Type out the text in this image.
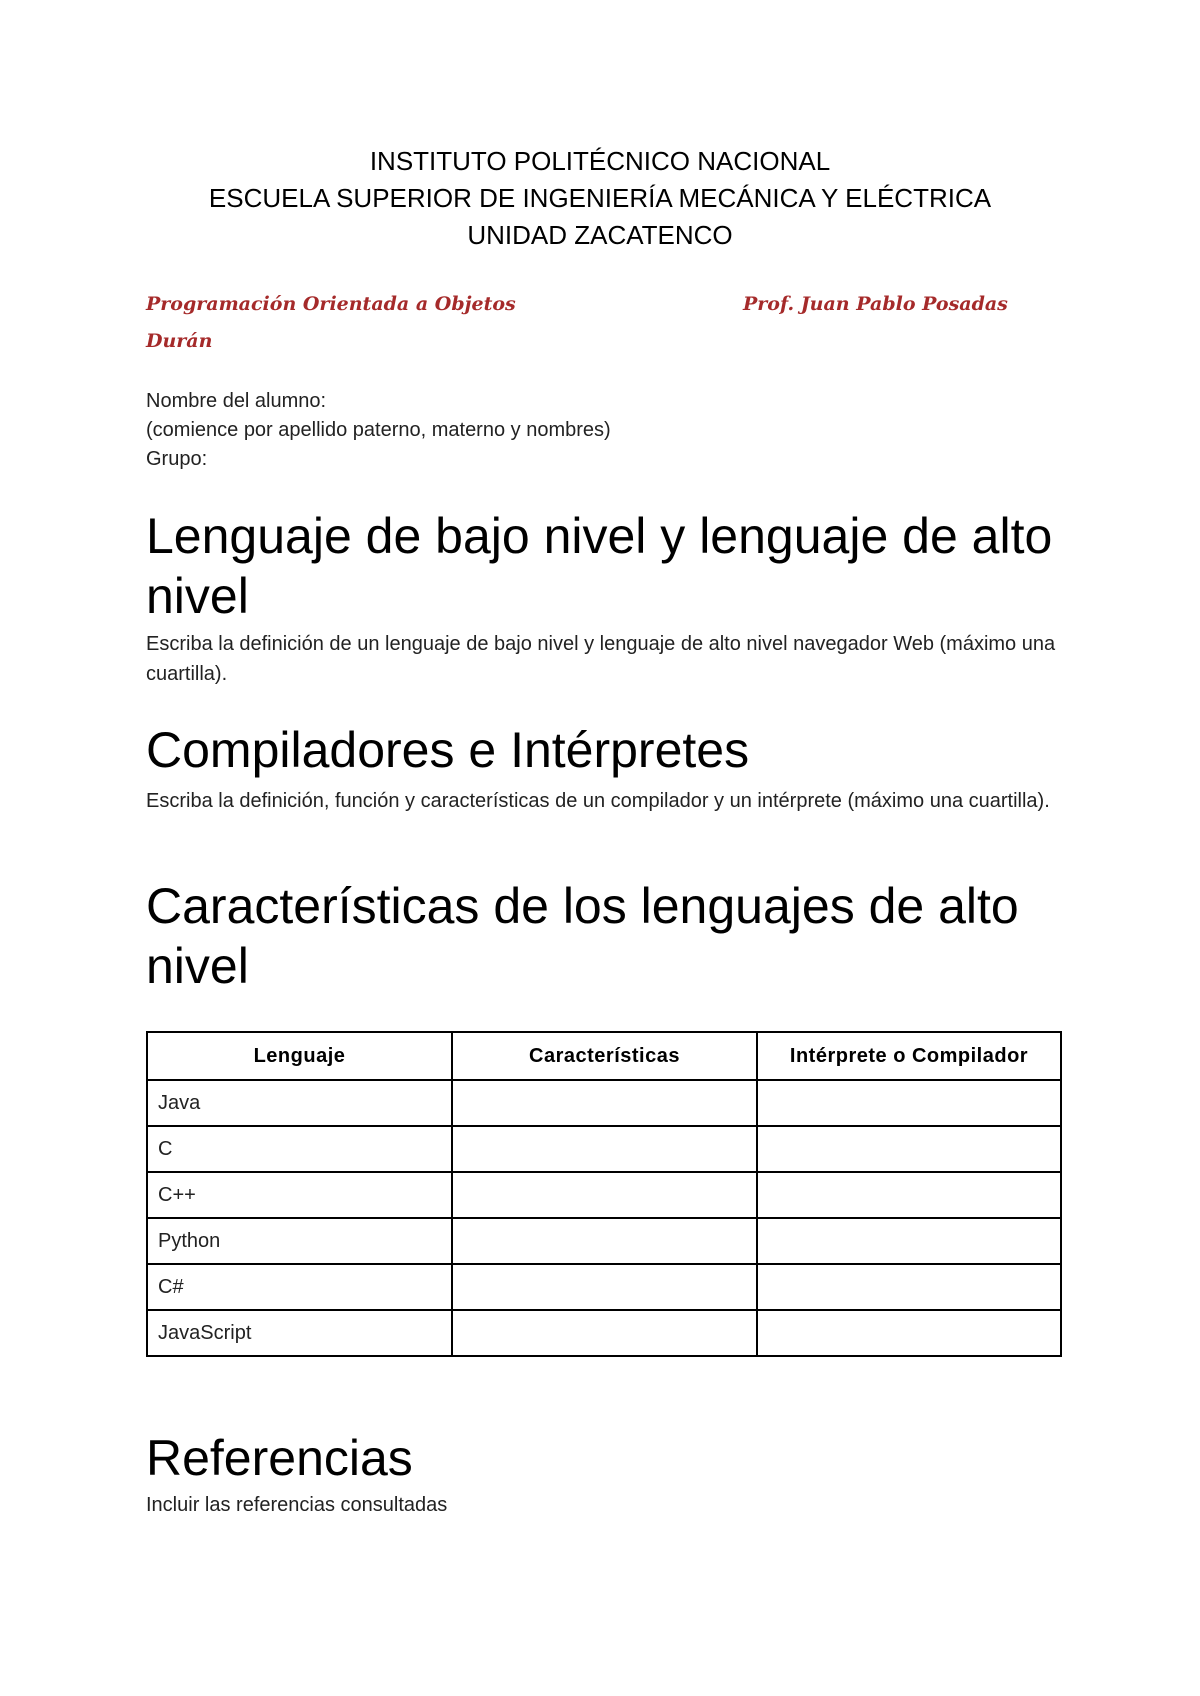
INSTITUTO POLITÉCNICO NACIONAL
ESCUELA SUPERIOR DE INGENIERÍA MECÁNICA Y ELÉCTRICA
UNIDAD ZACATENCO
Programación Orientada a Objetos	Prof. Juan Pablo Posadas
Durán
Nombre del alumno:
(comience por apellido paterno, materno y nombres)
Grupo:
Lenguaje de bajo nivel y lenguaje de alto nivel

Escriba la definición de un lenguaje de bajo nivel y lenguaje de alto nivel navegador Web (máximo una cuartilla).

Compiladores e Intérpretes

Escriba la definición, función y características de un compilador y un intérprete (máximo una cuartilla).

Características de los lenguajes de alto nivel
Lenguaje	Características	Intérprete o Compilador
Java		
C		
C++		
Python		
C#		
JavaScript		
Referencias

Incluir las referencias consultadas
